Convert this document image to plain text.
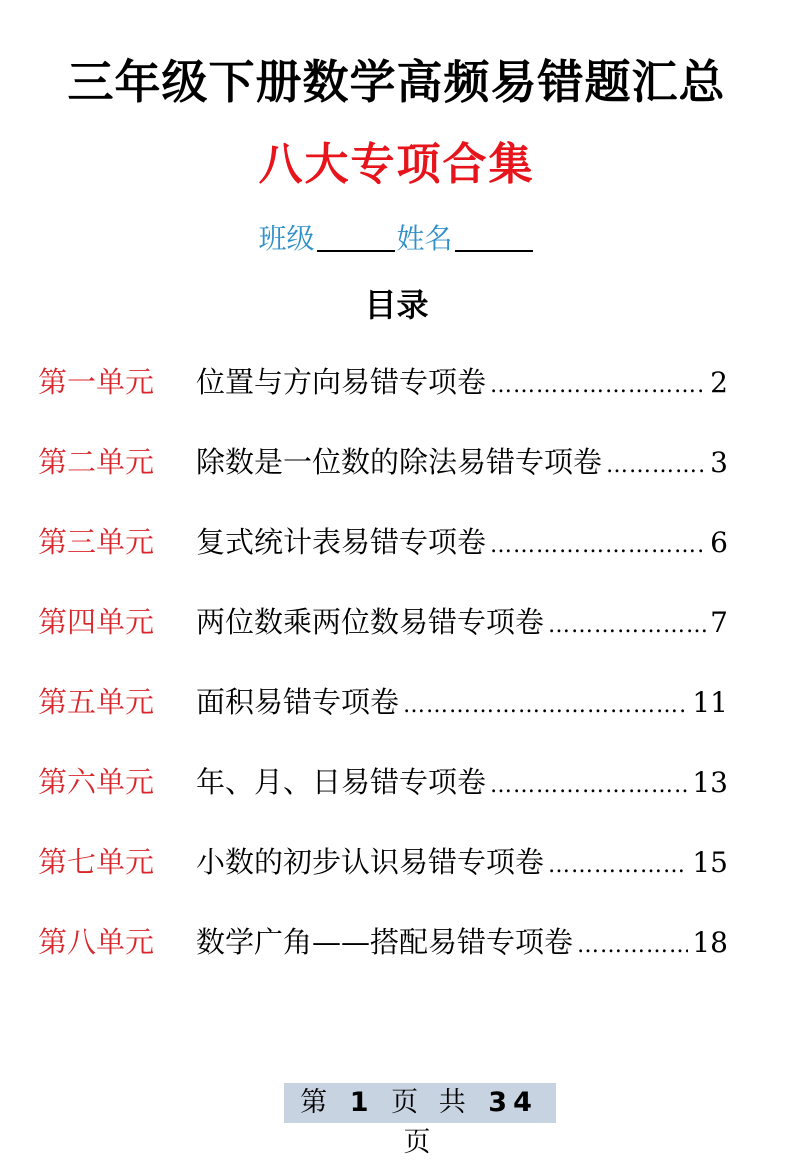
三年级下册数学高频易错题汇总
八大专项合集
班级	姓名
目录
第一单元	位置与方向易错专项卷 …………………………………………………………………………	2
第二单元	除数是一位数的除法易错专项卷 …………………………………………………………………………	3
第三单元	复式统计表易错专项卷 …………………………………………………………………………	6
第四单元	两位数乘两位数易错专项卷 …………………………………………………………………………	7
第五单元	面积易错专项卷 …………………………………………………………………………	11
第六单元	年、月、日易错专项卷 …………………………………………………………………………	13
第七单元	小数的初步认识易错专项卷 …………………………………………………………………………	15
第八单元	数学广角——搭配易错专项卷 …………………………………………………………………………	18
第 1 页 共 34 页
